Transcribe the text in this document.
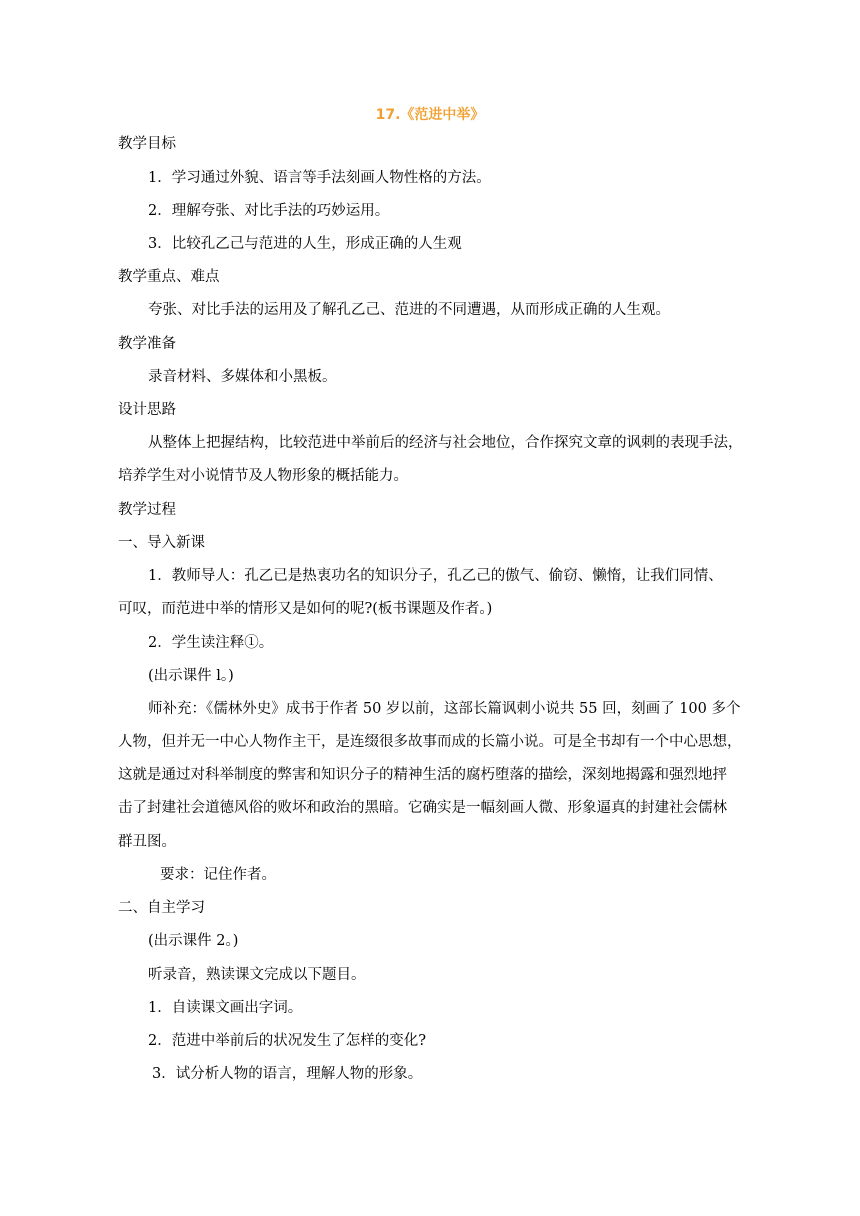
17.《范进中举》
教学目标
1．学习通过外貌、语言等手法刻画人物性格的方法。
2．理解夸张、对比手法的巧妙运用。
3．比较孔乙己与范进的人生，形成正确的人生观
教学重点、难点
夸张、对比手法的运用及了解孔乙己、范进的不同遭遇，从而形成正确的人生观。
教学准备
录音材料、多媒体和小黑板。
设计思路
从整体上把握结构，比较范进中举前后的经济与社会地位，合作探究文章的讽刺的表现手法，
培养学生对小说情节及人物形象的概括能力。
教学过程
一、导入新课
1．教师导人：孔乙已是热衷功名的知识分子，孔乙己的傲气、偷窃、懒惰，让我们同情、
可叹，而范进中举的情形又是如何的呢?(板书课题及作者。)
2．学生读注释①。
(出示课件 l。)
师补充：《儒林外史》成书于作者 50 岁以前，这部长篇讽刺小说共 55 回，刻画了 100 多个
人物，但并无一中心人物作主干，是连缀很多故事而成的长篇小说。可是全书却有一个中心思想，
这就是通过对科举制度的弊害和知识分子的精神生活的腐朽堕落的描绘，深刻地揭露和强烈地抨
击了封建社会道德风俗的败坏和政治的黑暗。它确实是一幅刻画人微、形象逼真的封建社会儒林
群丑图。
要求：记住作者。
二、自主学习
(出示课件 2。)
听录音，熟读课文完成以下题目。
1．自读课文画出字词。
2．范进中举前后的状况发生了怎样的变化?
3．试分析人物的语言，理解人物的形象。
